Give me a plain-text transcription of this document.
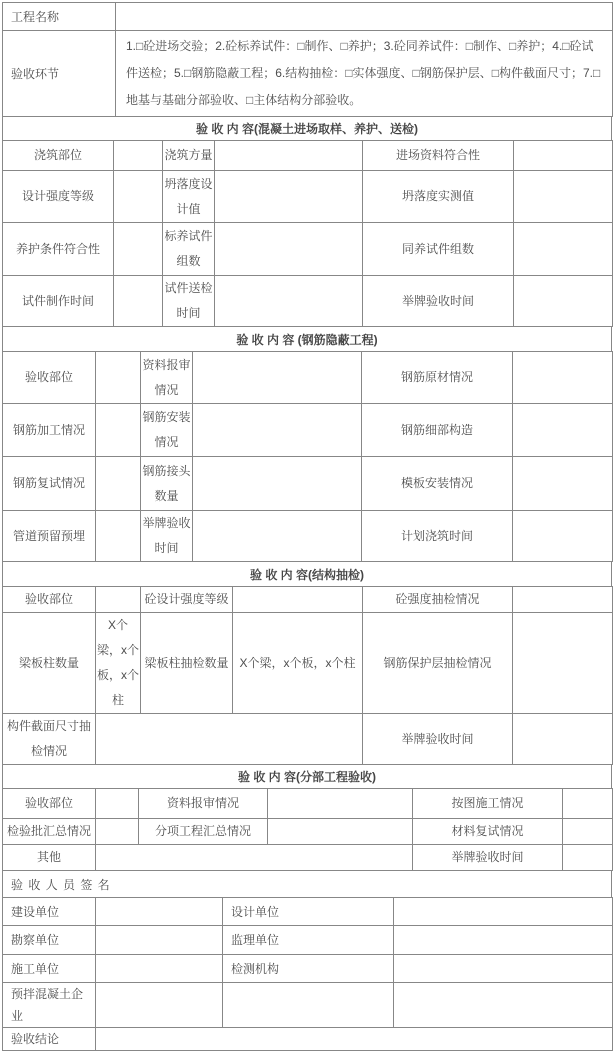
工程名称	
验收环节	1.□砼进场交验；2.砼标养试件：□制作、□养护；3.砼同养试件：□制作、□养护；4.□砼试件送检；5.□钢筋隐蔽工程；6.结构抽检：□实体强度、□钢筋保护层、□构件截面尺寸；7.□地基与基础分部验收、□主体结构分部验收。
验 收 内 容(混凝土进场取样、养护、送检)
浇筑部位		浇筑方量		进场资料符合性	
设计强度等级		坍落度设计值		坍落度实测值	
养护条件符合性		标养试件组数		同养试件组数	
试件制作时间		试件送检时间		举牌验收时间	
验 收 内 容 (钢筋隐蔽工程)
验收部位		资料报审情况		钢筋原材情况	
钢筋加工情况		钢筋安装情况		钢筋细部构造	
钢筋复试情况		钢筋接头数量		模板安装情况	
管道预留预埋		举牌验收时间		计划浇筑时间	
验 收 内 容(结构抽检)
验收部位		砼设计强度等级		砼强度抽检情况	
梁板柱数量	X个梁，x个板，x个柱	梁板柱抽检数量	X个梁，x个板，x个柱	钢筋保护层抽检情况	
构件截面尺寸抽检情况				举牌验收时间	
验 收 内 容(分部工程验收)
验收部位		资料报审情况		按图施工情况	
检验批汇总情况		分项工程汇总情况		材料复试情况	
其他				举牌验收时间	
验 收 人 员 签 名
建设单位		设计单位	
勘察单位		监理单位	
施工单位		检测机构	
预拌混凝土企业			
验收结论	
